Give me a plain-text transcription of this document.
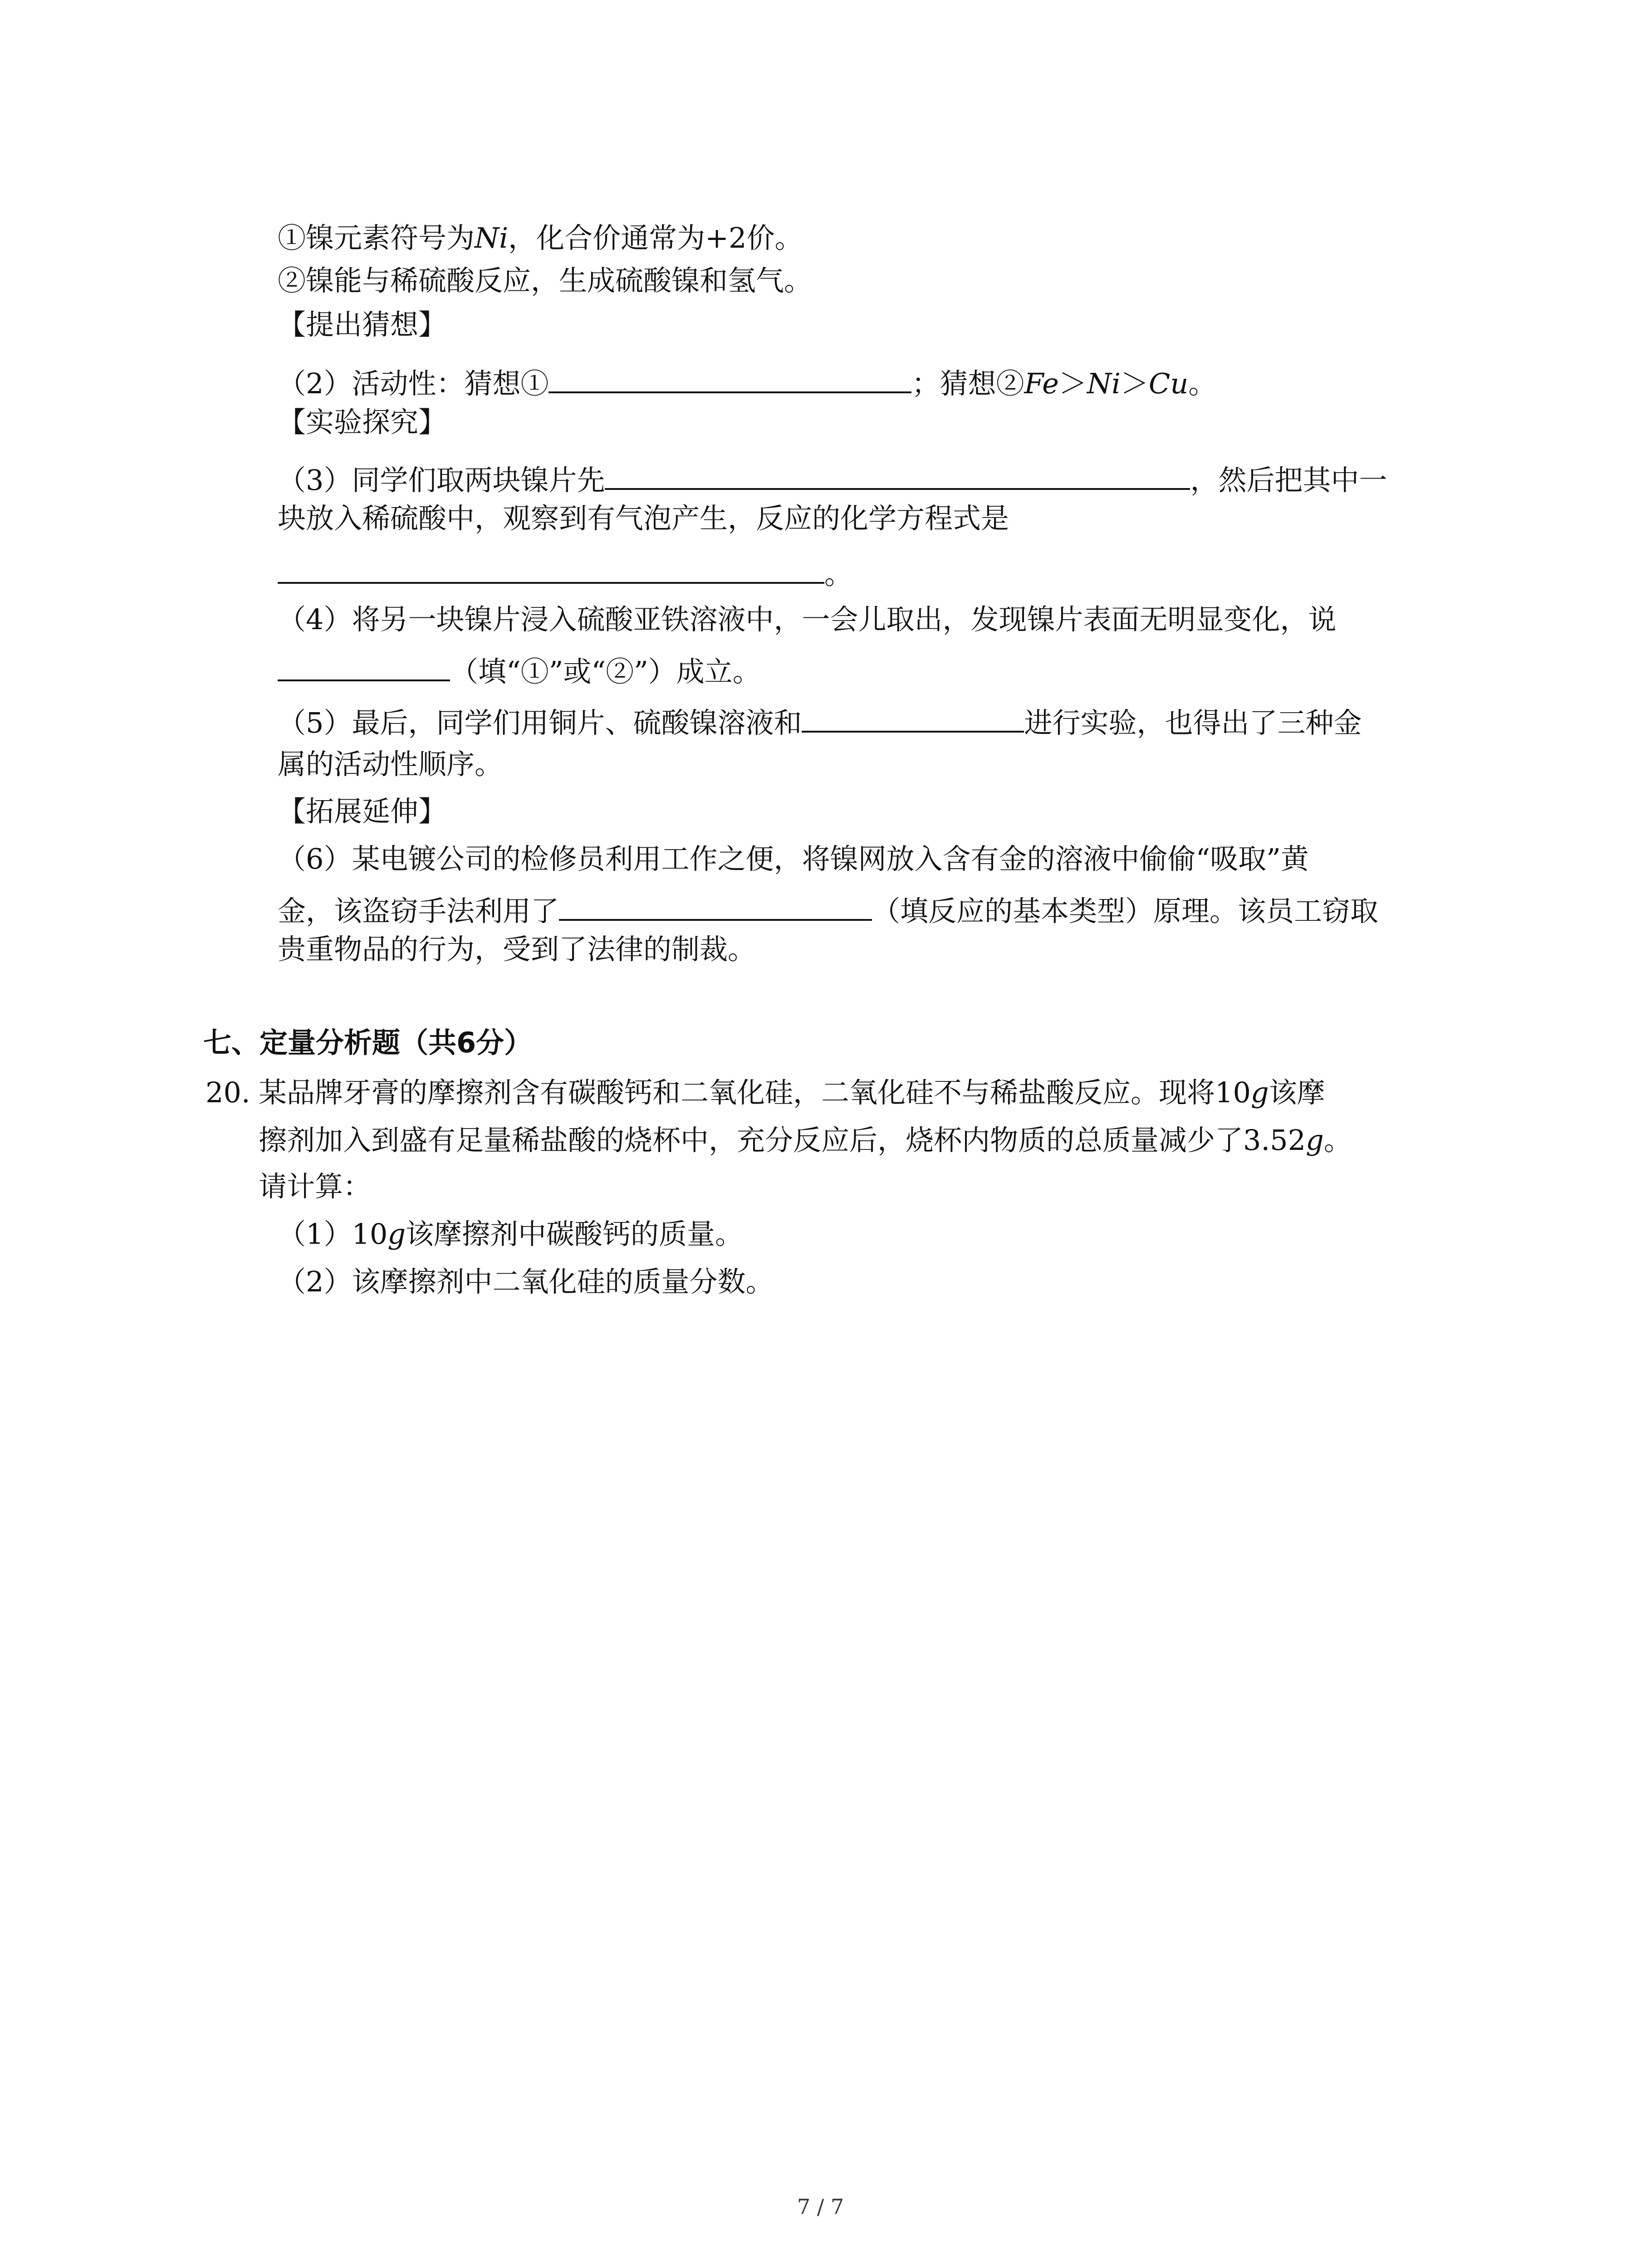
①镍元素符号为Ni，化合价通常为+2价。
②镍能与稀硫酸反应，生成硫酸镍和氢气。
【提出猜想】
（2）活动性：猜想①	；猜想②Fe＞Ni＞Cu。
【实验探究】
（3）同学们取两块镍片先	，然后把其中一
块放入稀硫酸中，观察到有气泡产生，反应的化学方程式是
。
（4）将另一块镍片浸入硫酸亚铁溶液中，一会儿取出，发现镍片表面无明显变化，说
（填“①”或“②”）成立。
（5）最后，同学们用铜片、硫酸镍溶液和	进行实验，也得出了三种金
属的活动性顺序。
【拓展延伸】
（6）某电镀公司的检修员利用工作之便，将镍网放入含有金的溶液中偷偷“吸取”黄
金，该盗窃手法利用了	（填反应的基本类型）原理。该员工窃取
贵重物品的行为，受到了法律的制裁。
七、定量分析题（共6分）
20. 某品牌牙膏的摩擦剂含有碳酸钙和二氧化硅，二氧化硅不与稀盐酸反应。现将10g该摩
擦剂加入到盛有足量稀盐酸的烧杯中，充分反应后，烧杯内物质的总质量减少了3.52g。
请计算：
（1）10g该摩擦剂中碳酸钙的质量。
（2）该摩擦剂中二氧化硅的质量分数。
7 / 7
